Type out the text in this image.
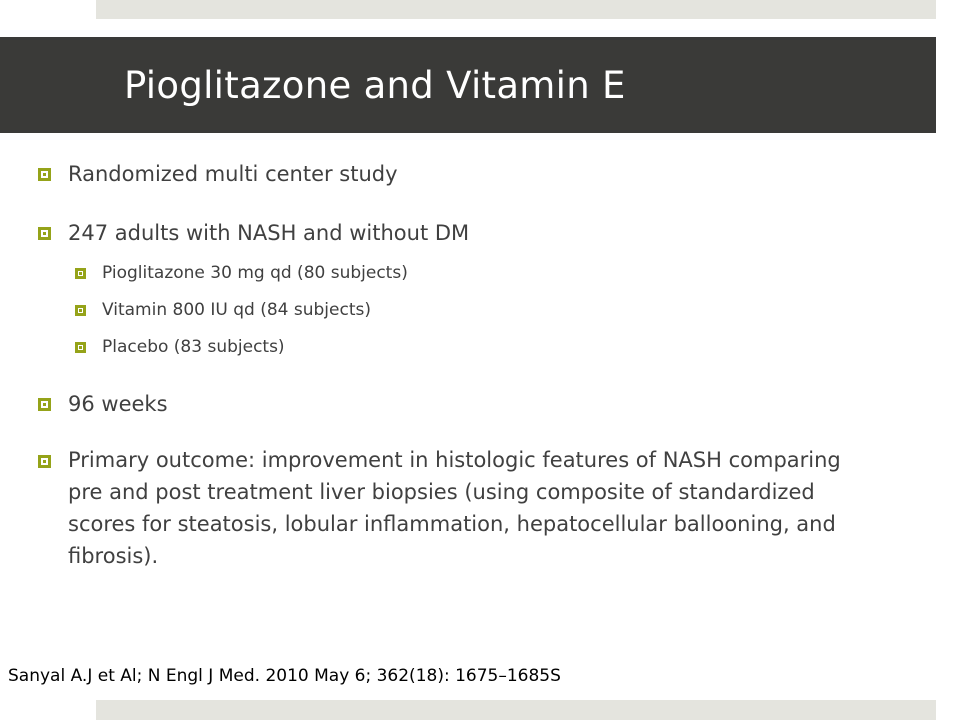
Pioglitazone and Vitamin E
Randomized multi center study
247 adults with NASH and without DM
Pioglitazone 30 mg qd (80 subjects)
Vitamin 800 IU qd (84 subjects)
Placebo (83 subjects)
96 weeks
Primary outcome: improvement in histologic features of NASH comparing pre and post treatment liver biopsies (using composite of standardized scores for steatosis, lobular inflammation, hepatocellular ballooning, and fibrosis).
Sanyal A.J et Al; N Engl J Med. 2010 May 6; 362(18): 1675–1685S
